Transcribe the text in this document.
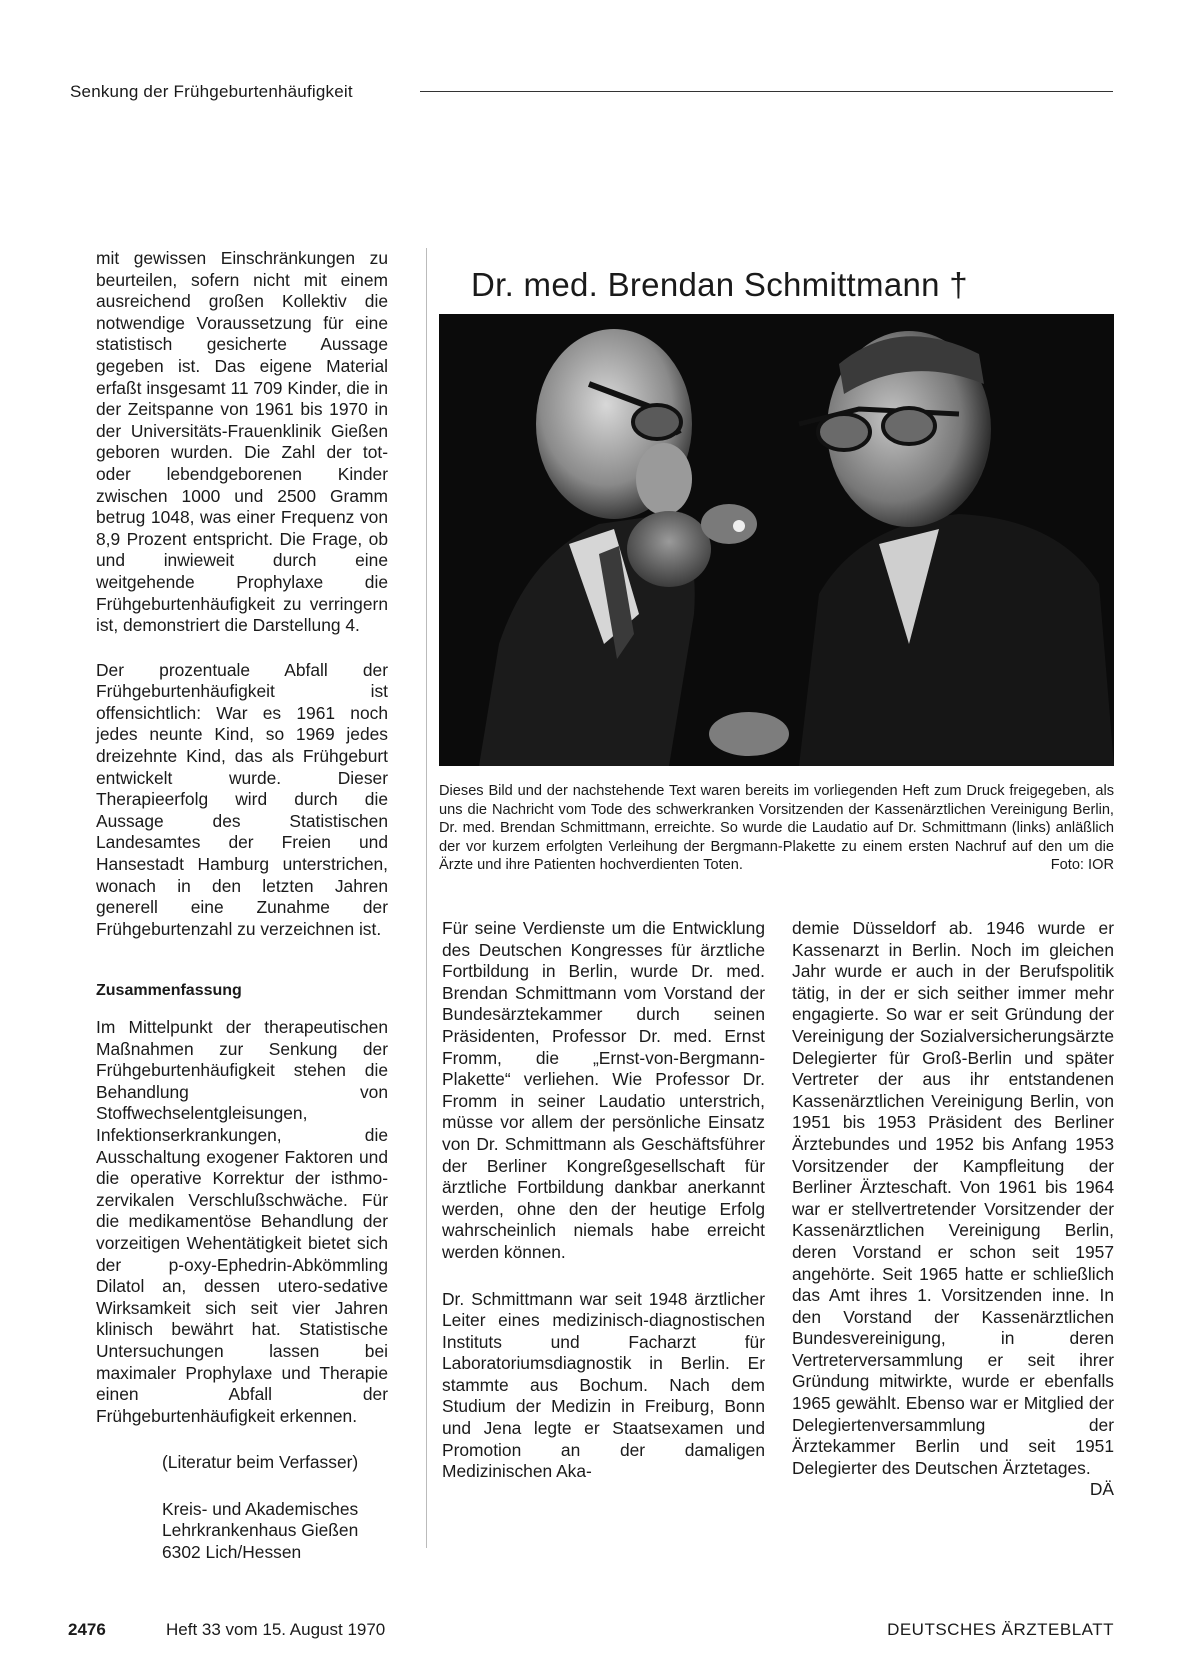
Senkung der Frühgeburtenhäufigkeit

mit gewissen Einschränkungen zu beurteilen, sofern nicht mit einem ausreichend großen Kollektiv die notwendige Voraussetzung für eine statistisch gesicherte Aussage gegeben ist. Das eigene Material erfaßt insgesamt 11 709 Kinder, die in der Zeitspanne von 1961 bis 1970 in der Universitäts-Frauenklinik Gießen geboren wurden. Die Zahl der tot- oder lebendgeborenen Kinder zwischen 1000 und 2500 Gramm betrug 1048, was einer Frequenz von 8,9 Prozent entspricht. Die Frage, ob und inwieweit durch eine weitgehende Prophylaxe die Frühgeburtenhäufigkeit zu verringern ist, demonstriert die Darstellung 4.

Der prozentuale Abfall der Frühgeburtenhäufigkeit ist offensichtlich: War es 1961 noch jedes neunte Kind, so 1969 jedes dreizehnte Kind, das als Frühgeburt entwickelt wurde. Dieser Therapieerfolg wird durch die Aussage des Statistischen Landesamtes der Freien und Hansestadt Hamburg unterstrichen, wonach in den letzten Jahren generell eine Zunahme der Frühgeburtenzahl zu verzeichnen ist.

Zusammenfassung

Im Mittelpunkt der therapeutischen Maßnahmen zur Senkung der Frühgeburtenhäufigkeit stehen die Behandlung von Stoffwechselentgleisungen, Infektionserkrankungen, die Ausschaltung exogener Faktoren und die operative Korrektur der isthmo-zervikalen Verschlußschwäche. Für die medikamentöse Behandlung der vorzeitigen Wehentätigkeit bietet sich der p-oxy-Ephedrin-Abkömmling Dilatol an, dessen utero-sedative Wirksamkeit sich seit vier Jahren klinisch bewährt hat. Statistische Untersuchungen lassen bei maximaler Prophylaxe und Therapie einen Abfall der Frühgeburtenhäufigkeit erkennen.

(Literatur beim Verfasser)
Kreis- und Akademisches
Lehrkrankenhaus Gießen
6302 Lich/Hessen
Dr. med. Brendan Schmittmann †
Dieses Bild und der nachstehende Text waren bereits im vorliegenden Heft zum Druck freigegeben, als uns die Nachricht vom Tode des schwerkranken Vorsitzenden der Kassenärztlichen Vereinigung Berlin, Dr. med. Brendan Schmittmann, erreichte. So wurde die Laudatio auf Dr. Schmittmann (links) anläßlich der vor kurzem erfolgten Verleihung der Bergmann-Plakette zu einem ersten Nachruf auf den um die Ärzte und ihre Patienten hochverdienten Toten.	Foto: IOR

Für seine Verdienste um die Entwicklung des Deutschen Kongresses für ärztliche Fortbildung in Berlin, wurde Dr. med. Brendan Schmittmann vom Vorstand der Bundesärztekammer durch seinen Präsidenten, Professor Dr. med. Ernst Fromm, die „Ernst-von-Bergmann-Plakette“ verliehen. Wie Professor Dr. Fromm in seiner Laudatio unterstrich, müsse vor allem der persönliche Einsatz von Dr. Schmittmann als Geschäftsführer der Berliner Kongreßgesellschaft für ärztliche Fortbildung dankbar anerkannt werden, ohne den der heutige Erfolg wahrscheinlich niemals habe erreicht werden können.

Dr. Schmittmann war seit 1948 ärztlicher Leiter eines medizinisch-diagnostischen Instituts und Facharzt für Laboratoriumsdiagnostik in Berlin. Er stammte aus Bochum. Nach dem Studium der Medizin in Freiburg, Bonn und Jena legte er Staatsexamen und Promotion an der damaligen Medizinischen Aka-

demie Düsseldorf ab. 1946 wurde er Kassenarzt in Berlin. Noch im gleichen Jahr wurde er auch in der Berufspolitik tätig, in der er sich seither immer mehr engagierte. So war er seit Gründung der Vereinigung der Sozialversicherungsärzte Delegierter für Groß-Berlin und später Vertreter der aus ihr entstandenen Kassenärztlichen Vereinigung Berlin, von 1951 bis 1953 Präsident des Berliner Ärztebundes und 1952 bis Anfang 1953 Vorsitzender der Kampfleitung der Berliner Ärzteschaft. Von 1961 bis 1964 war er stellvertretender Vorsitzender der Kassenärztlichen Vereinigung Berlin, deren Vorstand er schon seit 1957 angehörte. Seit 1965 hatte er schließlich das Amt ihres 1. Vorsitzenden inne. In den Vorstand der Kassenärztlichen Bundesvereinigung, in deren Vertreterversammlung er seit ihrer Gründung mitwirkte, wurde er ebenfalls 1965 gewählt. Ebenso war er Mitglied der Delegiertenversammlung der Ärztekammer Berlin und seit 1951 Delegierter des Deutschen Ärztetages.
DÄ

2476	Heft 33 vom 15. August 1970	DEUTSCHES ÄRZTEBLATT
